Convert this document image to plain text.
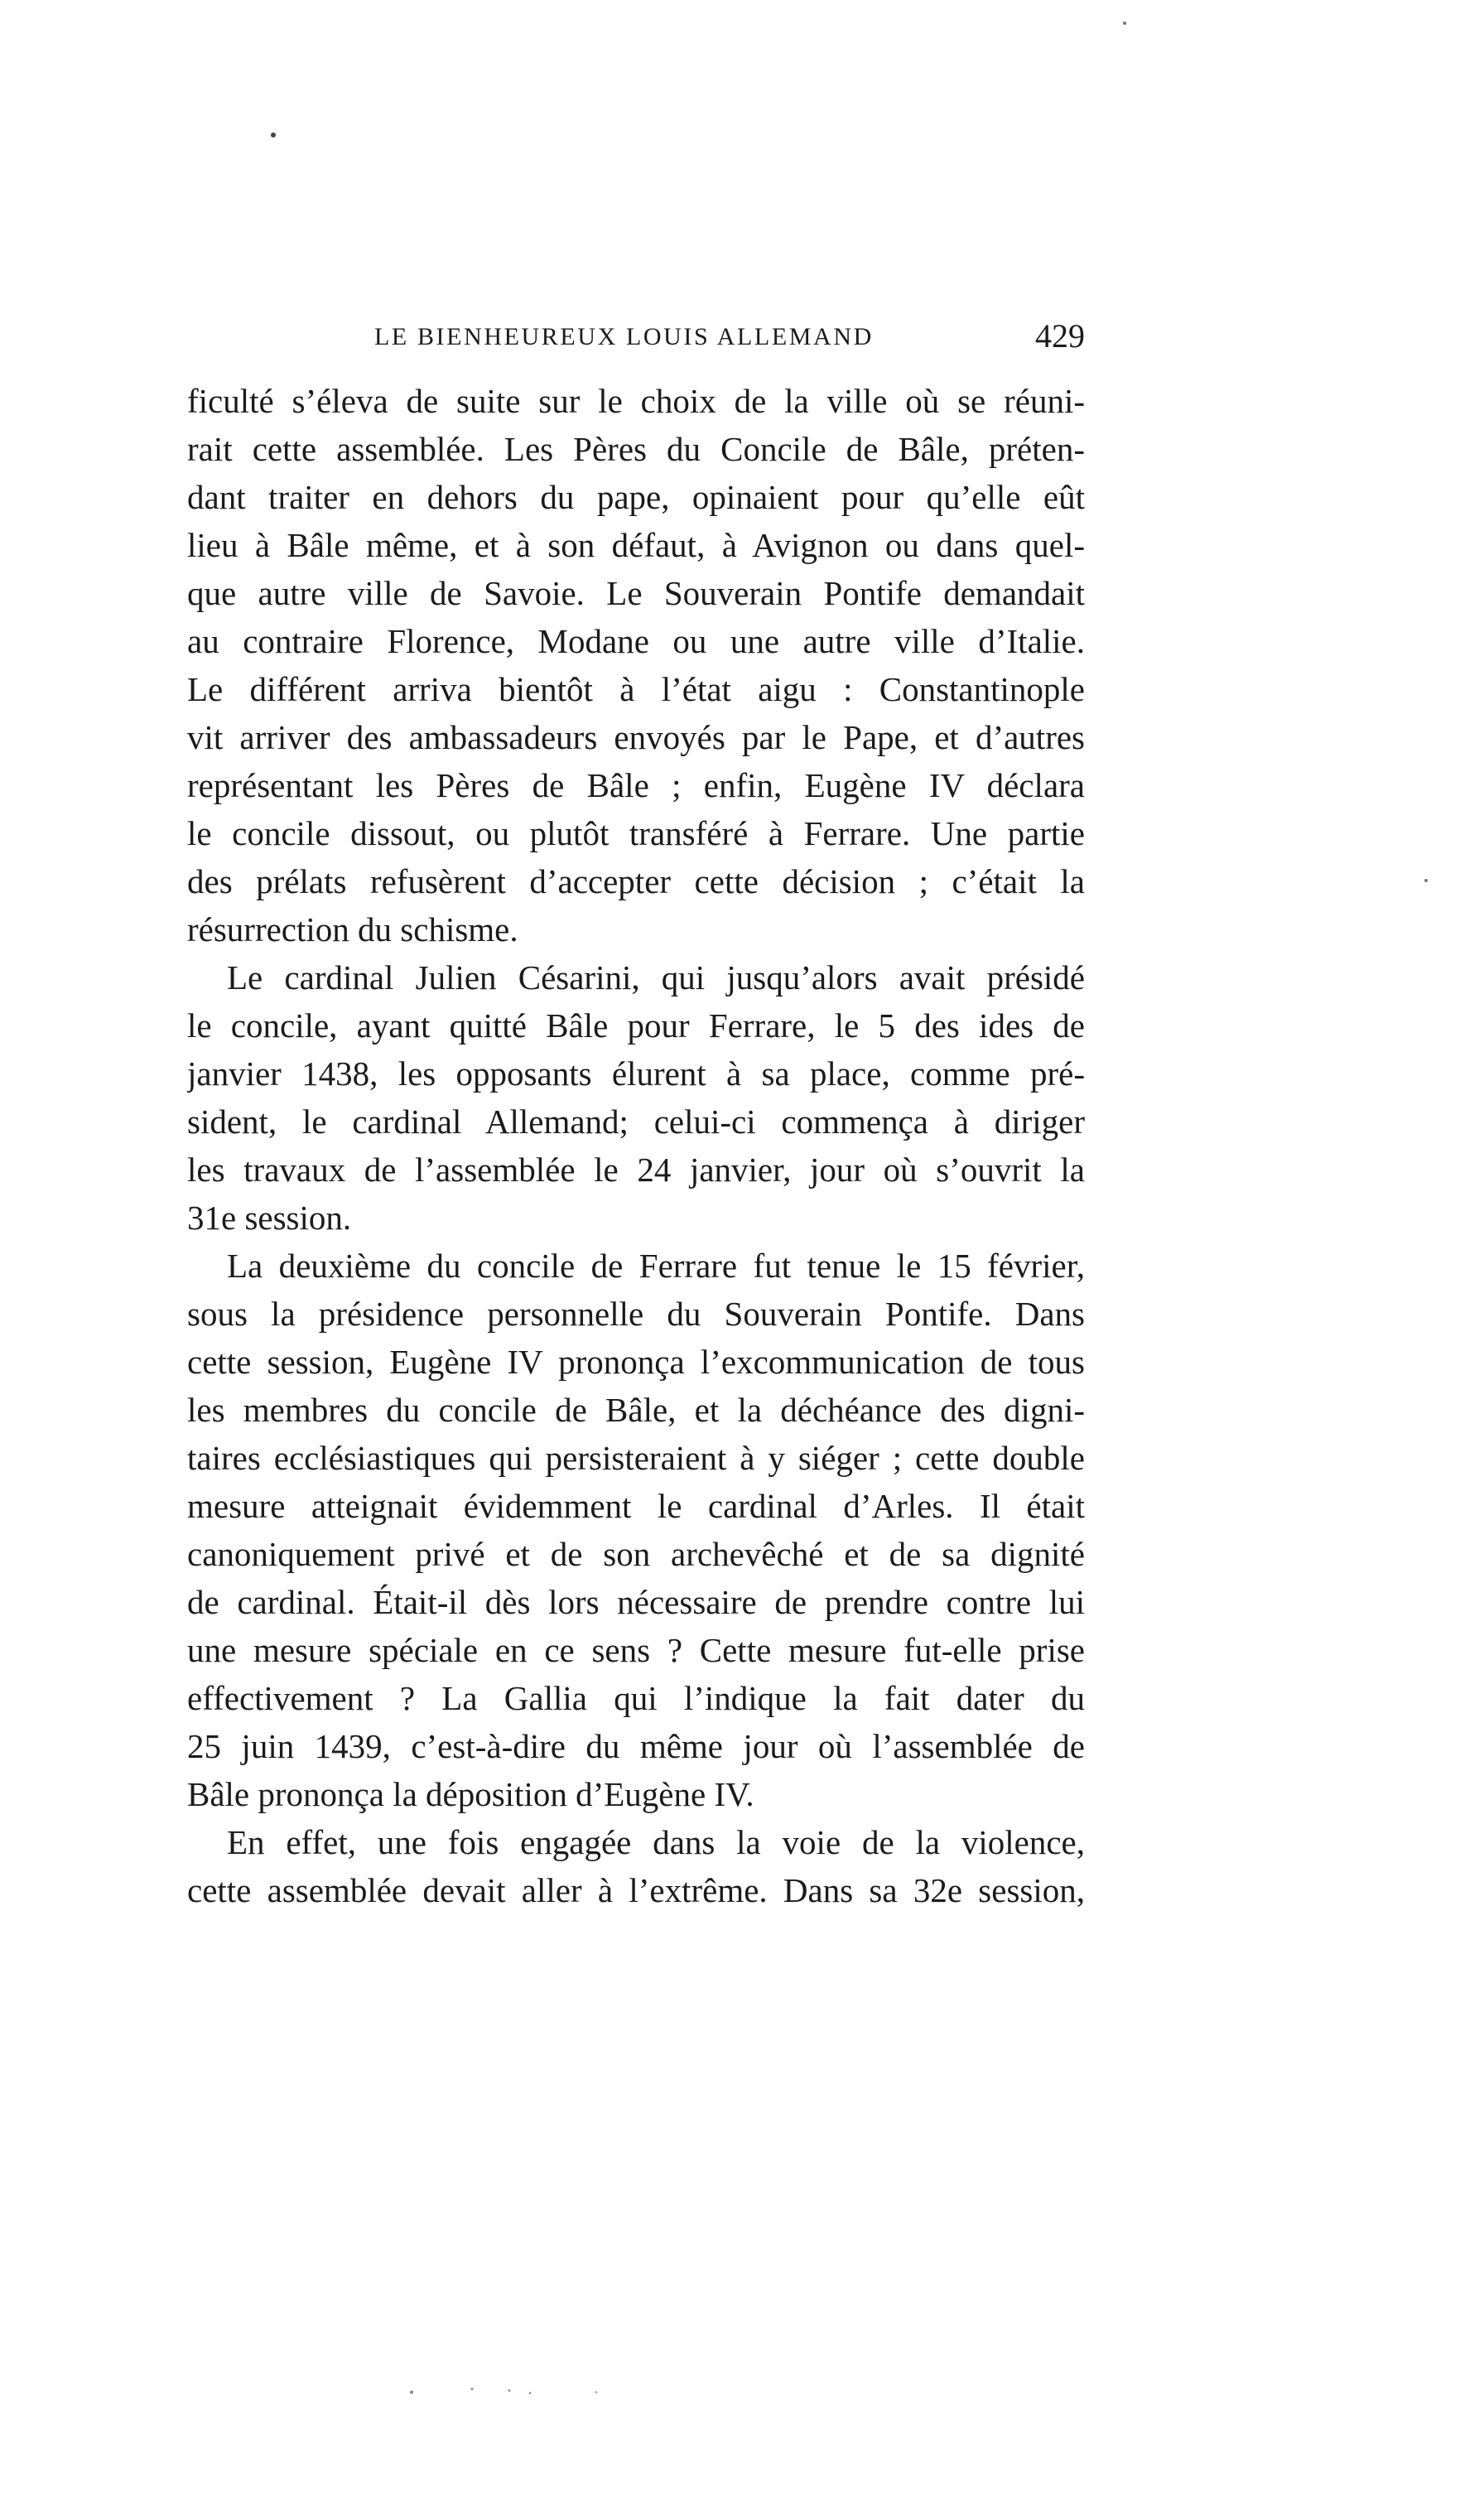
LE BIENHEUREUX LOUIS ALLEMAND	429
ficulté s’éleva de suite sur le choix de la ville où se réuni-
rait cette assemblée. Les Pères du Concile de Bâle, préten-
dant traiter en dehors du pape, opinaient pour qu’elle eût
lieu à Bâle même, et à son défaut, à Avignon ou dans quel-
que autre ville de Savoie. Le Souverain Pontife demandait
au contraire Florence, Modane ou une autre ville d’Italie.
Le différent arriva bientôt à l’état aigu : Constantinople
vit arriver des ambassadeurs envoyés par le Pape, et d’autres
représentant les Pères de Bâle ; enfin, Eugène IV déclara
le concile dissout, ou plutôt transféré à Ferrare. Une partie
des prélats refusèrent d’accepter cette décision ; c’était la
résurrection du schisme.
Le cardinal Julien Césarini, qui jusqu’alors avait présidé
le concile, ayant quitté Bâle pour Ferrare, le 5 des ides de
janvier 1438, les opposants élurent à sa place, comme pré-
sident, le cardinal Allemand; celui-ci commença à diriger
les travaux de l’assemblée le 24 janvier, jour où s’ouvrit la
31e session.
La deuxième du concile de Ferrare fut tenue le 15 février,
sous la présidence personnelle du Souverain Pontife. Dans
cette session, Eugène IV prononça l’excommunication de tous
les membres du concile de Bâle, et la déchéance des digni-
taires ecclésiastiques qui persisteraient à y siéger ; cette double
mesure atteignait évidemment le cardinal d’Arles. Il était
canoniquement privé et de son archevêché et de sa dignité
de cardinal. Était-il dès lors nécessaire de prendre contre lui
une mesure spéciale en ce sens ? Cette mesure fut-elle prise
effectivement ? La Gallia qui l’indique la fait dater du
25 juin 1439, c’est-à-dire du même jour où l’assemblée de
Bâle prononça la déposition d’Eugène IV.
En effet, une fois engagée dans la voie de la violence,
cette assemblée devait aller à l’extrême. Dans sa 32e session,
